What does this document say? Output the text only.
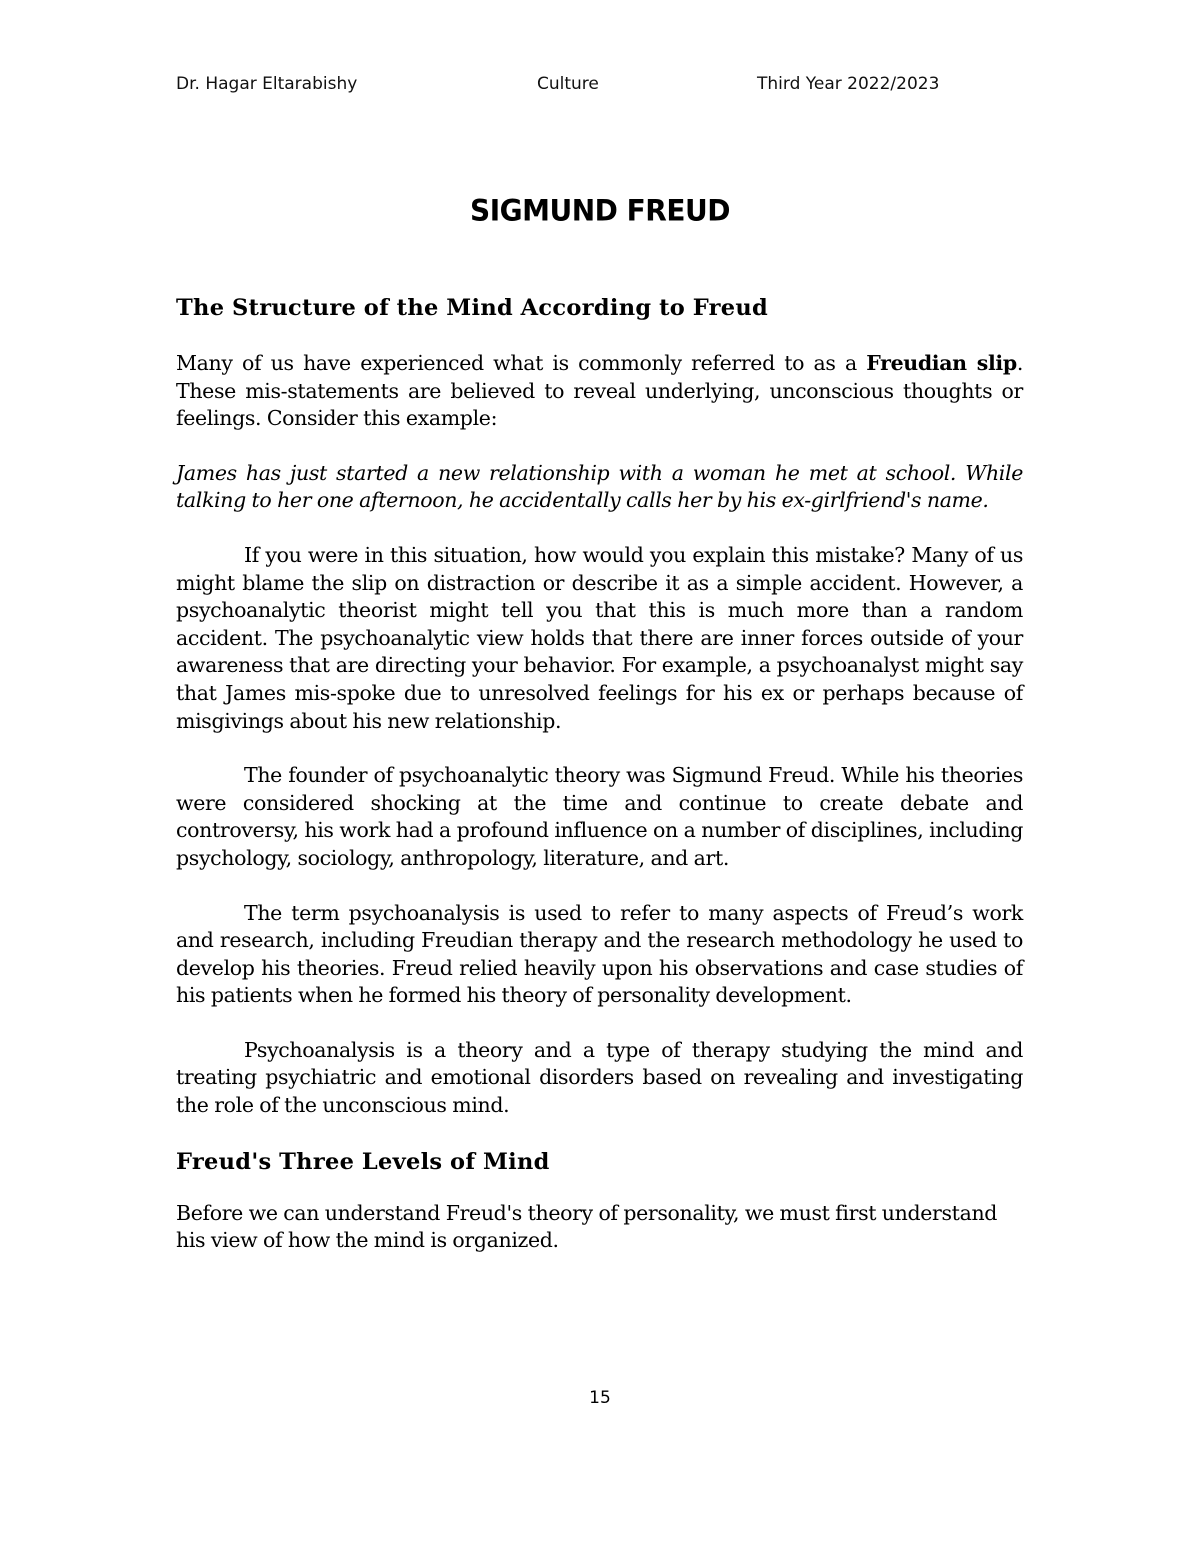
Dr. Hagar Eltarabishy	Culture	Third Year 2022/2023
SIGMUND FREUD
The Structure of the Mind According to Freud

Many of us have experienced what is commonly referred to as a Freudian slip. These mis-statements are believed to reveal underlying, unconscious thoughts or feelings. Consider this example:

James has just started a new relationship with a woman he met at school. While talking to her one afternoon, he accidentally calls her by his ex-girlfriend's name.

If you were in this situation, how would you explain this mistake? Many of us might blame the slip on distraction or describe it as a simple accident. However, a psychoanalytic theorist might tell you that this is much more than a random accident. The psychoanalytic view holds that there are inner forces outside of your awareness that are directing your behavior. For example, a psychoanalyst might say that James mis-spoke due to unresolved feelings for his ex or perhaps because of misgivings about his new relationship.

The founder of psychoanalytic theory was Sigmund Freud. While his theories were considered shocking at the time and continue to create debate and controversy, his work had a profound influence on a number of disciplines, including psychology, sociology, anthropology, literature, and art.

The term psychoanalysis is used to refer to many aspects of Freud’s work and research, including Freudian therapy and the research methodology he used to develop his theories. Freud relied heavily upon his observations and case studies of his patients when he formed his theory of personality development.

Psychoanalysis is a theory and a type of therapy studying the mind and treating psychiatric and emotional disorders based on revealing and investigating the role of the unconscious mind.

Freud's Three Levels of Mind

Before we can understand Freud's theory of personality, we must first understand his view of how the mind is organized.

15
